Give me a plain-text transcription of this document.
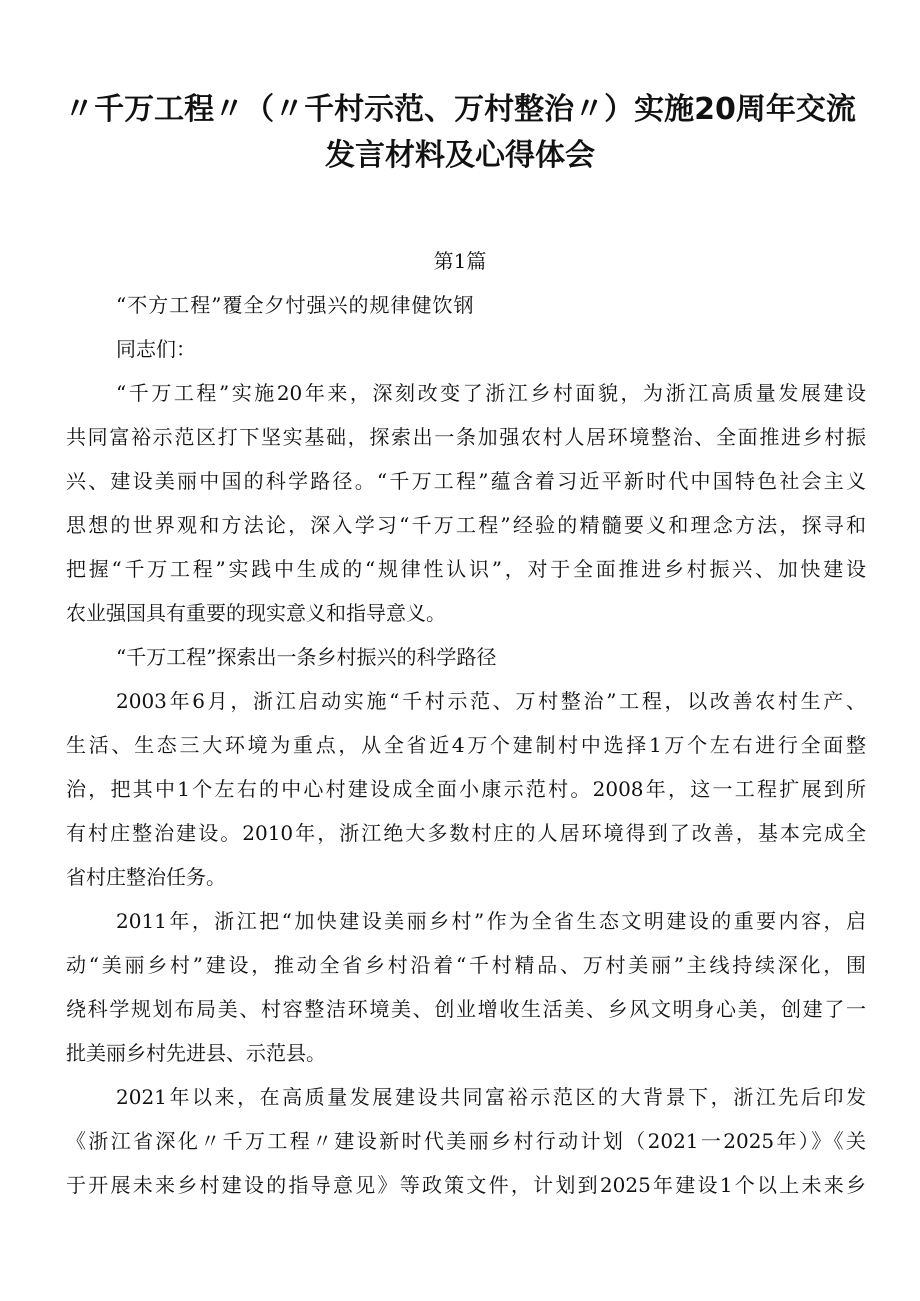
〃千万工程〃（〃千村示范、万村整治〃）实施20周年交流
发言材料及心得体会
第1篇
“不方工程”覆全夕忖强兴的规律健饮钢
同志们：
“千万工程”实施20年来，深刻改变了浙江乡村面貌，为浙江高质量发展建设
共同富裕示范区打下坚实基础，探索出一条加强农村人居环境整治、全面推进乡村振
兴、建设美丽中国的科学路径。“千万工程”蕴含着习近平新时代中国特色社会主义
思想的世界观和方法论，深入学习“千万工程”经验的精髓要义和理念方法，探寻和
把握“千万工程”实践中生成的“规律性认识”，对于全面推进乡村振兴、加快建设
农业强国具有重要的现实意义和指导意义。
“千万工程”探索出一条乡村振兴的科学路径
2003年6月，浙江启动实施“千村示范、万村整治”工程，以改善农村生产、
生活、生态三大环境为重点，从全省近4万个建制村中选择1万个左右进行全面整
治，把其中1个左右的中心村建设成全面小康示范村。2008年，这一工程扩展到所
有村庄整治建设。2010年，浙江绝大多数村庄的人居环境得到了改善，基本完成全
省村庄整治任务。
2011年，浙江把“加快建设美丽乡村”作为全省生态文明建设的重要内容，启
动“美丽乡村”建设，推动全省乡村沿着“千村精品、万村美丽”主线持续深化，围
绕科学规划布局美、村容整洁环境美、创业增收生活美、乡风文明身心美，创建了一
批美丽乡村先进县、示范县。
2021年以来，在高质量发展建设共同富裕示范区的大背景下，浙江先后印发
《浙江省深化〃千万工程〃建设新时代美丽乡村行动计划（2021一2025年）》《关
于开展未来乡村建设的指导意见》等政策文件，计划到2025年建设1个以上未来乡
